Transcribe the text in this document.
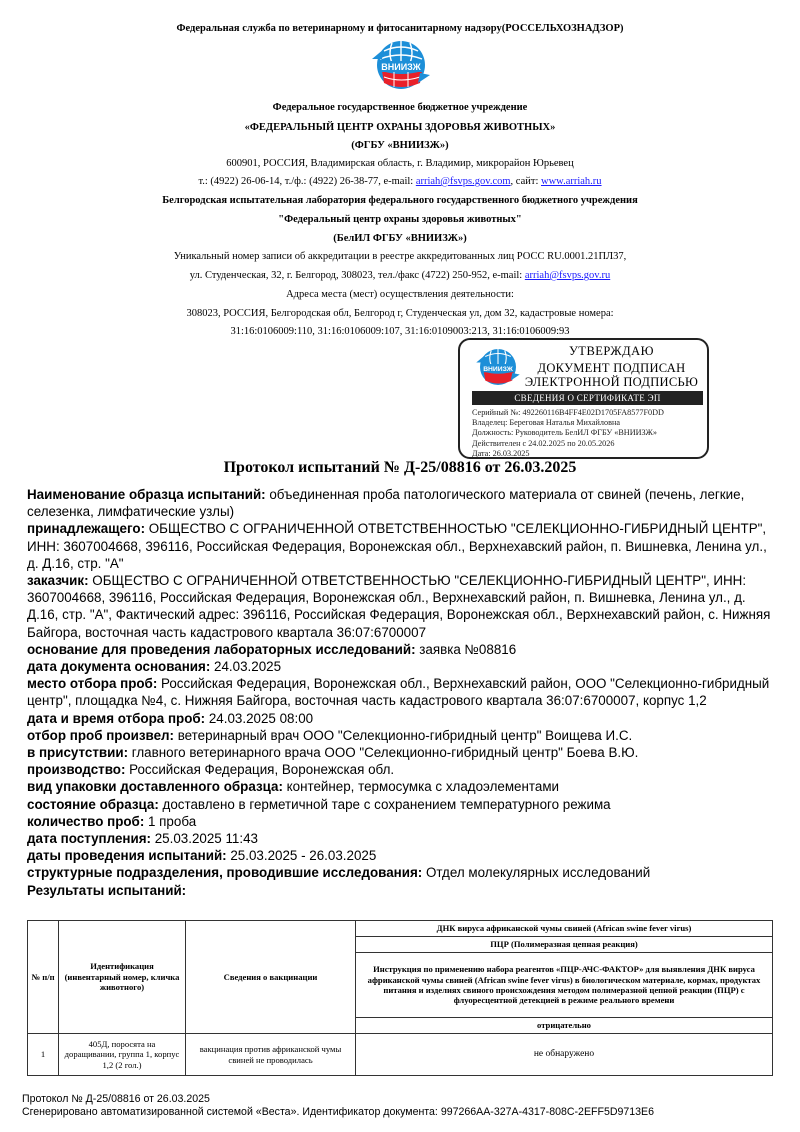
Федеральная служба по ветеринарному и фитосанитарному надзору(РОССЕЛЬХОЗНАДЗОР)
ВНИИЗЖ
Федеральное государственное бюджетное учреждение
«ФЕДЕРАЛЬНЫЙ ЦЕНТР ОХРАНЫ ЗДОРОВЬЯ ЖИВОТНЫХ»
(ФГБУ «ВНИИЗЖ»)
600901, РОССИЯ, Владимирская область, г. Владимир, микрорайон Юрьевец
т.: (4922) 26-06-14, т./ф.: (4922) 26-38-77, e-mail: arriah@fsvps.gov.com, сайт: www.arriah.ru
Белгородская испытательная лаборатория федерального государственного бюджетного учреждения
"Федеральный центр охраны здоровья животных"
(БелИЛ ФГБУ «ВНИИЗЖ»)
Уникальный номер записи об аккредитации в реестре аккредитованных лиц РОСС RU.0001.21ПЛ37,
ул. Студенческая, 32, г. Белгород, 308023, тел./факс (4722) 250-952, e-mail: arriah@fsvps.gov.ru
Адреса места (мест) осуществления деятельности:
308023, РОССИЯ, Белгородская обл, Белгород г, Студенческая ул, дом 32, кадастровые номера:
31:16:0106009:110, 31:16:0106009:107, 31:16:0109003:213, 31:16:0106009:93
ВНИИЗЖ
УТВЕРЖДАЮ
ДОКУМЕНТ ПОДПИСАН
ЭЛЕКТРОННОЙ ПОДПИСЬЮ
СВЕДЕНИЯ О СЕРТИФИКАТЕ ЭП
Серийный №: 492260116B4FF4E02D1705FA8577F0DD
Владелец: Береговая Наталья Михайловна
Должность: Руководитель БелИЛ ФГБУ «ВНИИЗЖ»
Действителен с 24.02.2025 по 20.05.2026
Дата: 26.03.2025
Протокол испытаний № Д-25/08816 от 26.03.2025

Наименование образца испытаний: объединенная проба патологического материала от свиней (печень, легкие, селезенка, лимфатические узлы)

принадлежащего: ОБЩЕСТВО С ОГРАНИЧЕННОЙ ОТВЕТСТВЕННОСТЬЮ "СЕЛЕКЦИОННО-ГИБРИДНЫЙ ЦЕНТР", ИНН: 3607004668, 396116, Российская Федерация, Воронежская обл., Верхнехавский район, п. Вишневка, Ленина ул., д. Д.16, стр. "А"

заказчик: ОБЩЕСТВО С ОГРАНИЧЕННОЙ ОТВЕТСТВЕННОСТЬЮ "СЕЛЕКЦИОННО-ГИБРИДНЫЙ ЦЕНТР", ИНН: 3607004668, 396116, Российская Федерация, Воронежская обл., Верхнехавский район, п. Вишневка, Ленина ул., д. Д.16, стр. "А", Фактический адрес: 396116, Российская Федерация, Воронежская обл., Верхнехавский район, с. Нижняя Байгора, восточная часть кадастрового квартала 36:07:6700007

основание для проведения лабораторных исследований: заявка №08816

дата документа основания: 24.03.2025

место отбора проб: Российская Федерация, Воронежская обл., Верхнехавский район, ООО "Селекционно-гибридный центр", площадка №4, с. Нижняя Байгора, восточная часть кадастрового квартала 36:07:6700007, корпус 1,2

дата и время отбора проб: 24.03.2025 08:00

отбор проб произвел: ветеринарный врач ООО "Селекционно-гибридный центр" Воищева И.С.

в присутствии: главного ветеринарного врача ООО "Селекционно-гибридный центр" Боева В.Ю.

производство: Российская Федерация, Воронежская обл.

вид упаковки доставленного образца: контейнер, термосумка с хладоэлементами

состояние образца: доставлено в герметичной таре с сохранением температурного режима

количество проб: 1 проба

дата поступления: 25.03.2025 11:43

даты проведения испытаний: 25.03.2025 - 26.03.2025

структурные подразделения, проводившие исследования: Отдел молекулярных исследований

Результаты испытаний:

№ п/п	Идентификация (инвентарный номер, кличка животного)	Сведения о вакцинации	ДНК вируса африканской чумы свиней (African swine fever virus)
			ПЦР (Полимеразная цепная реакция)
			Инструкция по применению набора реагентов «ПЦР-АЧС-ФАКТОР» для выявления ДНК вируса африканской чумы свиней (African swine fever virus) в биологическом материале, кормах, продуктах питания и изделиях свиного происхождения методом полимеразной цепной реакции (ПЦР) с флуоресцентной детекцией в режиме реального времени
			отрицательно

1	405Д, поросята на доращивании, группа 1, корпус 1,2 (2 гол.)	вакцинация против африканской чумы свиней не проводилась	не обнаружено
Протокол № Д-25/08816 от 26.03.2025
Сгенерировано автоматизированной системой «Веста». Идентификатор документа: 997266AA-327A-4317-808C-2EFF5D9713E6
